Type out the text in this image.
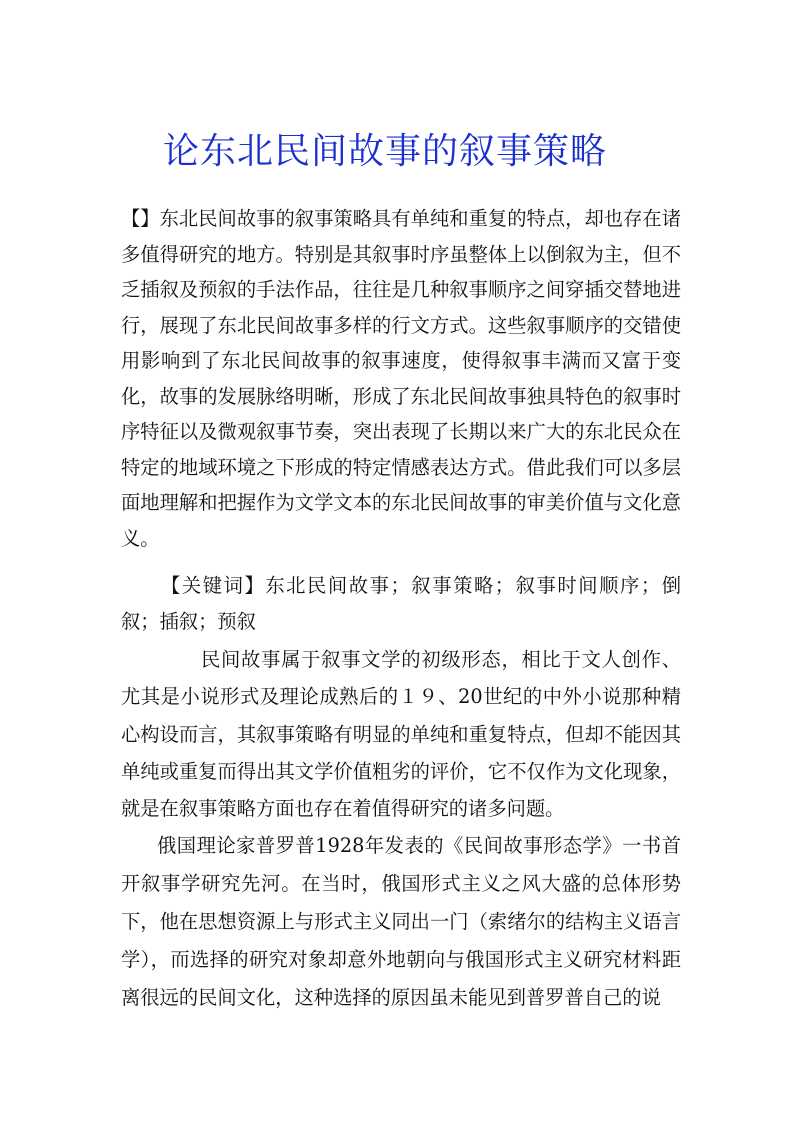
论东北民间故事的叙事策略

【】东北民间故事的叙事策略具有单纯和重复的特点，却也存在诸多值得研究的地方。特别是其叙事时序虽整体上以倒叙为主，但不乏插叙及预叙的手法作品，往往是几种叙事顺序之间穿插交替地进行，展现了东北民间故事多样的行文方式。这些叙事顺序的交错使用影响到了东北民间故事的叙事速度，使得叙事丰满而又富于变化，故事的发展脉络明晰，形成了东北民间故事独具特色的叙事时序特征以及微观叙事节奏，突出表现了长期以来广大的东北民众在特定的地域环境之下形成的特定情感表达方式。借此我们可以多层面地理解和把握作为文学文本的东北民间故事的审美价值与文化意义。

【关键词】东北民间故事；叙事策略；叙事时间顺序；倒叙；插叙；预叙

民间故事属于叙事文学的初级形态，相比于文人创作、尤其是小说形式及理论成熟后的１９、20世纪的中外小说那种精心构设而言，其叙事策略有明显的单纯和重复特点，但却不能因其单纯或重复而得出其文学价值粗劣的评价，它不仅作为文化现象，就是在叙事策略方面也存在着值得研究的诸多问题。

俄国理论家普罗普1928年发表的《民间故事形态学》一书首开叙事学研究先河。在当时，俄国形式主义之风大盛的总体形势下，他在思想资源上与形式主义同出一门（索绪尔的结构主义语言学），而选择的研究对象却意外地朝向与俄国形式主义研究材料距离很远的民间文化，这种选择的原因虽未能见到普罗普自己的说
